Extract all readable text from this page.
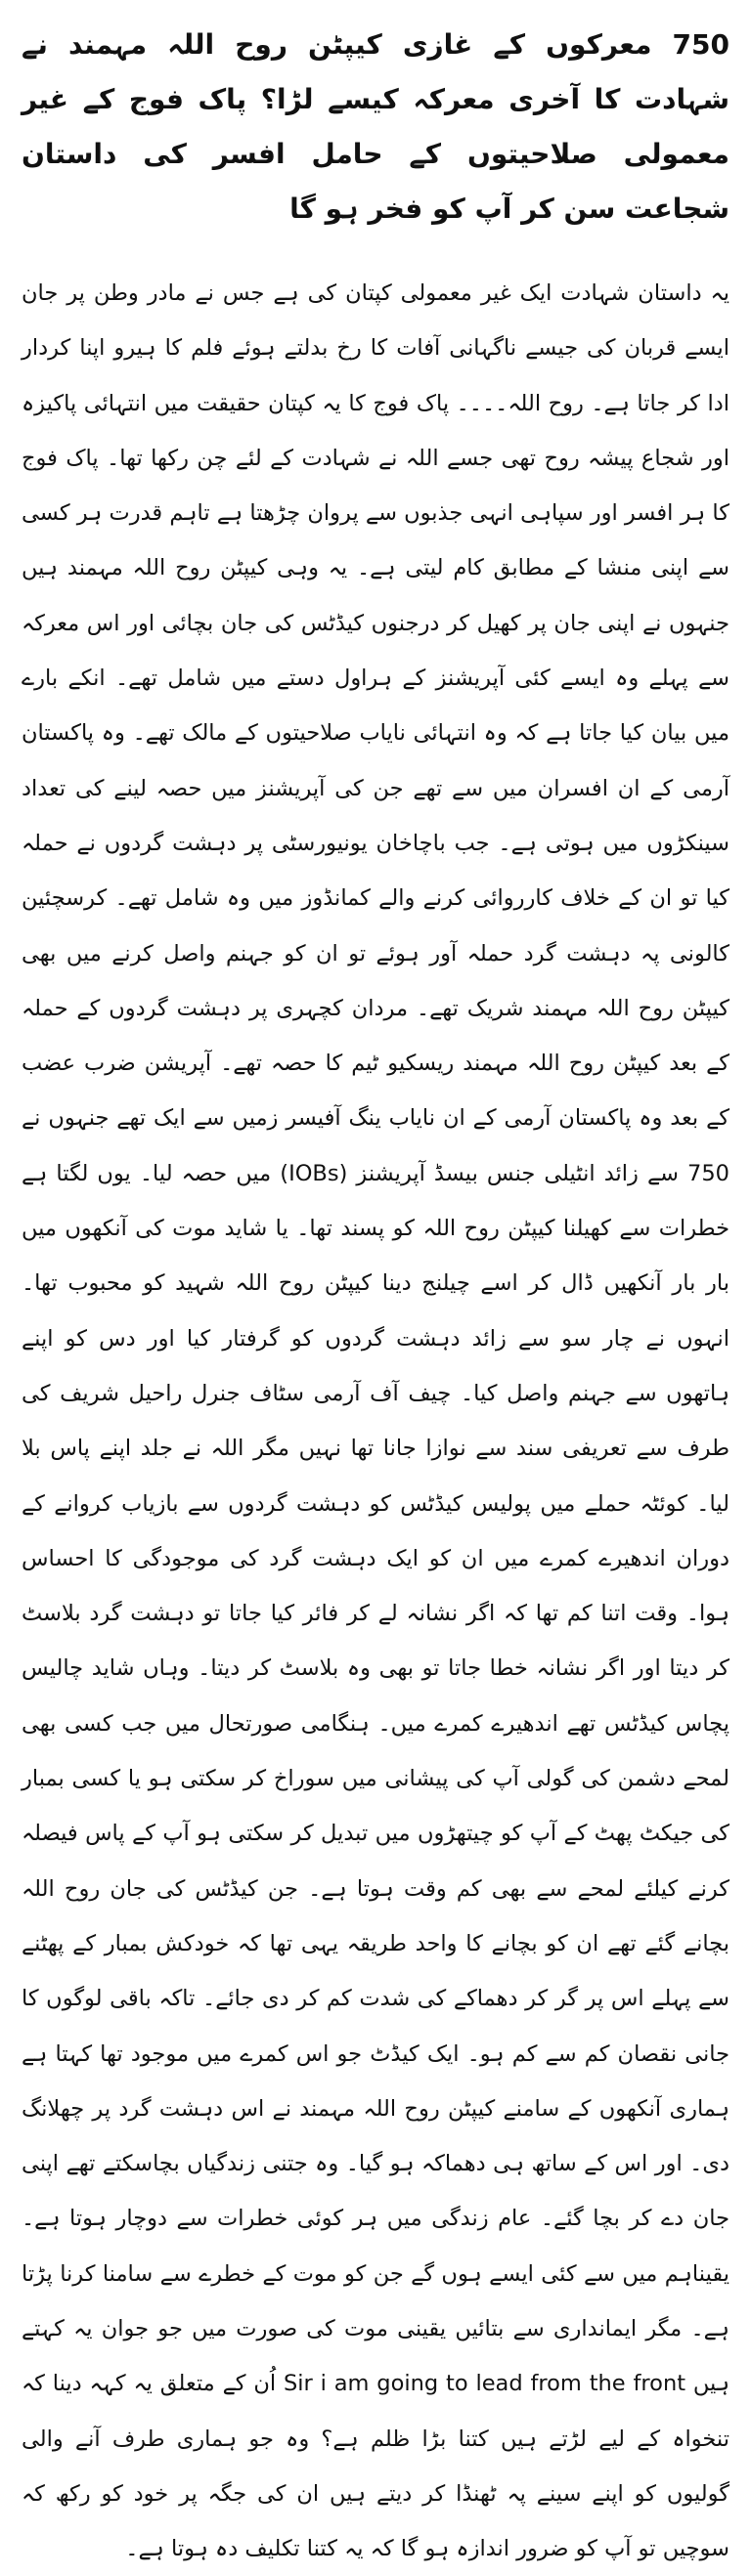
750 معرکوں کے غازی کیپٹن روح اللہ مہمند نے شہادت کا آخری معرکہ کیسے لڑا؟ پاک فوج کے غیر معمولی صلاحیتوں کے حامل افسر کی داستان شجاعت سن کر آپ کو فخر ہو گا

یہ داستان شہادت ایک غیر معمولی کپتان کی ہے جس نے مادر وطن پر جان ایسے قربان کی جیسے ناگہانی آفات کا رخ بدلتے ہوئے فلم کا ہیرو اپنا کردار ادا کر جاتا ہے۔ روح اللہ۔۔۔۔ پاک فوج کا یہ کپتان حقیقت میں انتہائی پاکیزہ اور شجاع پیشہ روح تھی جسے اللہ نے شہادت کے لئے چن رکھا تھا۔ پاک فوج کا ہر افسر اور سپاہی انہی جذبوں سے پروان چڑھتا ہے تاہم قدرت ہر کسی سے اپنی منشا کے مطابق کام لیتی ہے۔ یہ وہی کیپٹن روح اللہ مہمند ہیں جنہوں نے اپنی جان پر کھیل کر درجنوں کیڈٹس کی جان بچائی اور اس معرکہ سے پہلے وہ ایسے کئی آپریشنز کے ہراول دستے میں شامل تھے۔ انکے بارے میں بیان کیا جاتا ہے کہ وہ انتہائی نایاب صلاحیتوں کے مالک تھے۔ وہ پاکستان آرمی کے ان افسران میں سے تھے جن کی آپریشنز میں حصہ لینے کی تعداد سینکڑوں میں ہوتی ہے۔ جب باچاخان یونیورسٹی پر دہشت گردوں نے حملہ کیا تو ان کے خلاف کارروائی کرنے والے کمانڈوز میں وہ شامل تھے۔ کرسچئین کالونی پہ دہشت گرد حملہ آور ہوئے تو ان کو جہنم واصل کرنے میں بھی کیپٹن روح اللہ مہمند شریک تھے۔ مردان کچہری پر دہشت گردوں کے حملہ کے بعد کیپٹن روح اللہ مہمند ریسکیو ٹیم کا حصہ تھے۔ آپریشن ضرب عضب کے بعد وہ پاکستان آرمی کے ان نایاب ینگ آفیسر زمیں سے ایک تھے جنہوں نے 750 سے زائد انٹیلی جنس بیسڈ آپریشنز (IOBs) میں حصہ لیا۔ یوں لگتا ہے خطرات سے کھیلنا کیپٹن روح اللہ کو پسند تھا۔ یا شاید موت کی آنکھوں میں بار بار آنکھیں ڈال کر اسے چیلنج دینا کیپٹن روح اللہ شہید کو محبوب تھا۔ انہوں نے چار سو سے زائد دہشت گردوں کو گرفتار کیا اور دس کو اپنے ہاتھوں سے جہنم واصل کیا۔ چیف آف آرمی سٹاف جنرل راحیل شریف کی طرف سے تعریفی سند سے نوازا جانا تھا نہیں مگر اللہ نے جلد اپنے پاس بلا لیا۔ کوئٹہ حملے میں پولیس کیڈٹس کو دہشت گردوں سے بازیاب کروانے کے دوران اندھیرے کمرے میں ان کو ایک دہشت گرد کی موجودگی کا احساس ہوا۔ وقت اتنا کم تھا کہ اگر نشانہ لے کر فائر کیا جاتا تو دہشت گرد بلاسٹ کر دیتا اور اگر نشانہ خطا جاتا تو بھی وہ بلاسٹ کر دیتا۔ وہاں شاید چالیس پچاس کیڈٹس تھے اندھیرے کمرے میں۔ ہنگامی صورتحال میں جب کسی بھی لمحے دشمن کی گولی آپ کی پیشانی میں سوراخ کر سکتی ہو یا کسی بمبار کی جیکٹ پھٹ کے آپ کو چیتھڑوں میں تبدیل کر سکتی ہو آپ کے پاس فیصلہ کرنے کیلئے لمحے سے بھی کم وقت ہوتا ہے۔ جن کیڈٹس کی جان روح اللہ بچانے گئے تھے ان کو بچانے کا واحد طریقہ یہی تھا کہ خودکش بمبار کے پھٹنے سے پہلے اس پر گر کر دھماکے کی شدت کم کر دی جائے۔ تاکہ باقی لوگوں کا جانی نقصان کم سے کم ہو۔ ایک کیڈٹ جو اس کمرے میں موجود تھا کہتا ہے ہماری آنکھوں کے سامنے کیپٹن روح اللہ مہمند نے اس دہشت گرد پر چھلانگ دی۔ اور اس کے ساتھ ہی دھماکہ ہو گیا۔ وہ جتنی زندگیاں بچاسکتے تھے اپنی جان دے کر بچا گئے۔ عام زندگی میں ہر کوئی خطرات سے دوچار ہوتا ہے۔ یقیناہم میں سے کئی ایسے ہوں گے جن کو موت کے خطرے سے سامنا کرنا پڑتا ہے۔ مگر ایمانداری سے بتائیں یقینی موت کی صورت میں جو جوان یہ کہتے ہیں Sir i am going to lead from the front اُن کے متعلق یہ کہہ دینا کہ تنخواہ کے لیے لڑتے ہیں کتنا بڑا ظلم ہے؟ وہ جو ہماری طرف آنے والی گولیوں کو اپنے سینے پہ ٹھنڈا کر دیتے ہیں ان کی جگہ پر خود کو رکھ کہ سوچیں تو آپ کو ضرور اندازہ ہو گا کہ یہ کتنا تکلیف دہ ہوتا ہے۔
